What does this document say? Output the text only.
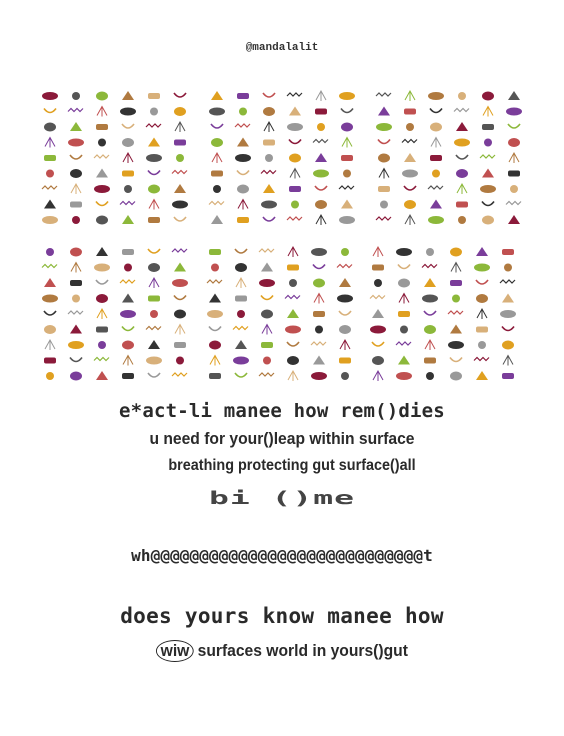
@mandalalit
e*act-li manee how rem()dies
u need for your()leap within surface
breathing protecting gut surface()all
bi ()me
wh@@@@@@@@@@@@@@@@@@@@@@@@@@@@t
does yours know manee how
wiw surfaces world in yours()gut
